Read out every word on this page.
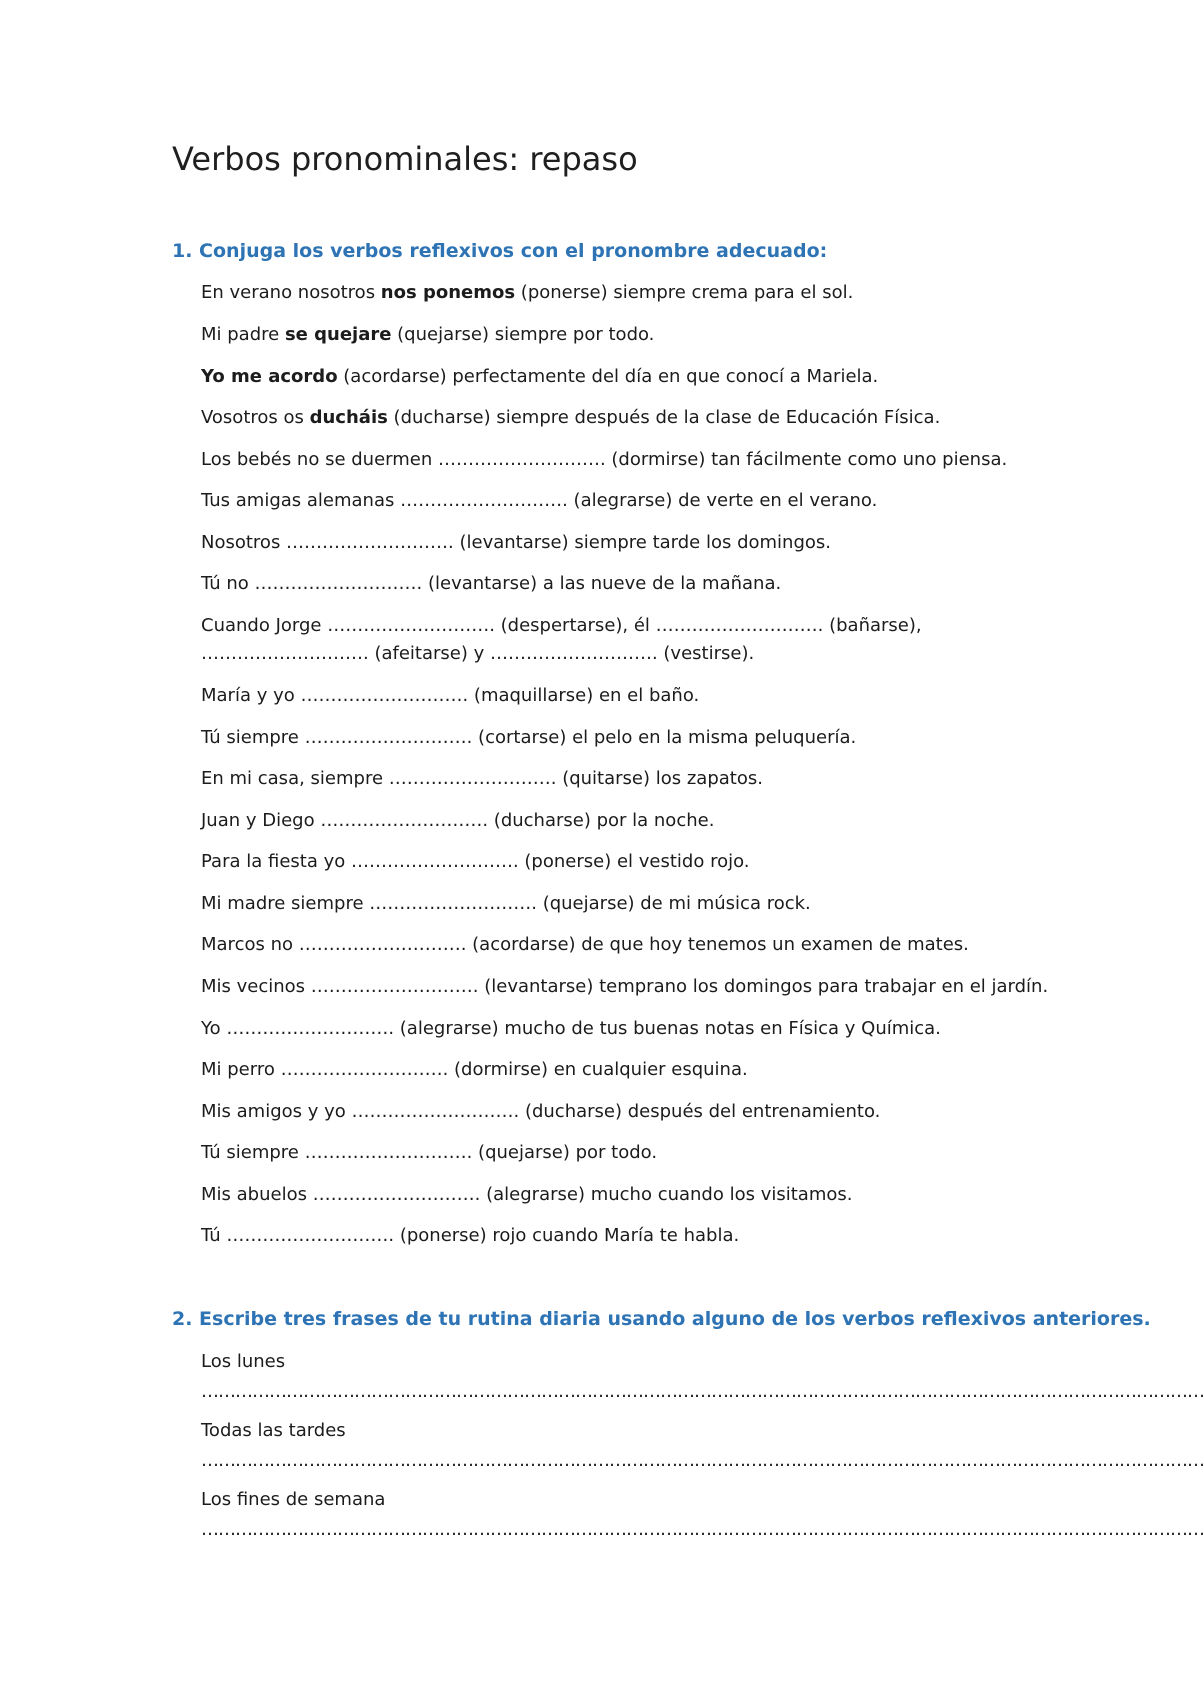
Verbos pronominales: repaso
1. Conjuga los verbos reflexivos con el pronombre adecuado:
En verano nosotros nos ponemos (ponerse) siempre crema para el sol.
Mi padre se quejare (quejarse) siempre por todo.
Yo me acordo (acordarse) perfectamente del día en que conocí a Mariela.
Vosotros os ducháis (ducharse) siempre después de la clase de Educación Física.
Los bebés no se duermen ………………………. (dormirse) tan fácilmente como uno piensa.
Tus amigas alemanas ………………………. (alegrarse) de verte en el verano.
Nosotros ………………………. (levantarse) siempre tarde los domingos.
Tú no ………………………. (levantarse) a las nueve de la mañana.
Cuando Jorge ………………………. (despertarse), él ………………………. (bañarse), ………………………. (afeitarse) y ………………………. (vestirse).
María y yo ………………………. (maquillarse) en el baño.
Tú siempre ………………………. (cortarse) el pelo en la misma peluquería.
En mi casa, siempre ………………………. (quitarse) los zapatos.
Juan y Diego ………………………. (ducharse) por la noche.
Para la fiesta yo ………………………. (ponerse) el vestido rojo.
Mi madre siempre ………………………. (quejarse) de mi música rock.
Marcos no ………………………. (acordarse) de que hoy tenemos un examen de mates.
Mis vecinos ………………………. (levantarse) temprano los domingos para trabajar en el jardín.
Yo ………………………. (alegrarse) mucho de tus buenas notas en Física y Química.
Mi perro ………………………. (dormirse) en cualquier esquina.
Mis amigos y yo ………………………. (ducharse) después del entrenamiento.
Tú siempre ………………………. (quejarse) por todo.
Mis abuelos ………………………. (alegrarse) mucho cuando los visitamos.
Tú ………………………. (ponerse) rojo cuando María te habla.
2. Escribe tres frases de tu rutina diaria usando alguno de los verbos reflexivos anteriores.
Los lunes
……………………………………………………………………………………………………………………………………………………………
Todas las tardes
……………………………………………………………………………………………………………………………………………………………
Los fines de semana
……………………………………………………………………………………………………………………………………………………………
